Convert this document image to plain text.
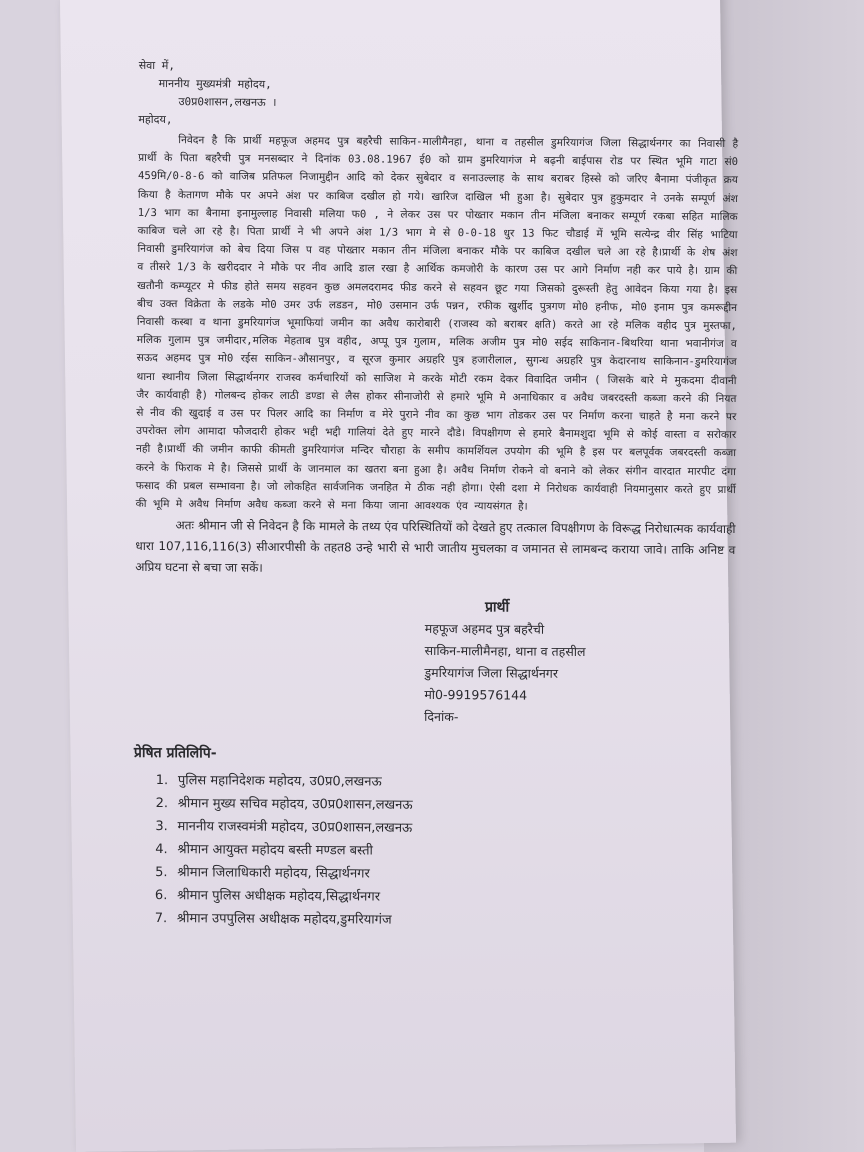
सेवा में,
माननीय मुख्यमंत्री महोदय,
उ0प्र0शासन,लखनऊ ।
महोदय,

निवेदन है कि प्रार्थी महफूज अहमद पुत्र बहरैची साकिन-मालीमैनहा, थाना व तहसील डुमरियागंज जिला सिद्धार्थनगर का निवासी है प्रार्थी के पिता बहरैची पुत्र मनसब्दार ने दिनांक 03.08.1967 ई0 को ग्राम डुमरियागंज मे बढ़नी बाईपास रोड पर स्थित भूमि गाटा सं0 459मि/0-8-6 को वाजिब प्रतिफल निजामुद्दीन आदि को देकर सुबेदार व सनाउल्लाह के साथ बराबर हिस्से को जरिए बैनामा पंजीकृत क्रय किया है केतागण मौके पर अपने अंश पर काबिज दखील हो गये। खारिज दाखिल भी हुआ है। सुबेदार पुत्र हुकुमदार ने उनके सम्पूर्ण अंश 1/3 भाग का बैनामा इनामुल्लाह निवासी मलिया फ0 , ने लेकर उस पर पोख्तार मकान तीन मंजिला बनाकर सम्पूर्ण रकबा सहित मालिक काबिज चले आ रहे है। पिता प्रार्थी ने भी अपने अंश 1/3 भाग मे से 0-0-18 धुर 13 फिट चौडाई में भूमि सत्येन्द्र वीर सिंह भाटिया निवासी डुमरियागंज को बेच दिया जिस प वह पोख्तार मकान तीन मंजिला बनाकर मौके पर काबिज दखील चले आ रहे है।प्रार्थी के शेष अंश व तीसरे 1/3 के खरीददार ने मौके पर नीव आदि डाल रखा है आर्थिक कमजोरी के कारण उस पर आगे निर्माण नही कर पाये है। ग्राम की खतौनी कम्प्यूटर मे फीड होते समय सहवन कुछ अमलदरामद फीड करने से सहवन छूट गया जिसको दुरूस्ती हेतु आवेदन किया गया है। इस बीच उक्त विक्रेता के लडके मो0 उमर उर्फ लडडन, मो0 उसमान उर्फ पन्नन, रफीक खुर्शीद पुत्रगण मो0 हनीफ, मो0 इनाम पुत्र कमरूद्दीन निवासी कस्बा व थाना डुमरियागंज भूमाफियां जमीन का अवैध कारोबारी (राजस्व को बराबर क्षति) करते आ रहे मलिक वहीद पुत्र मुस्तफा, मलिक गुलाम पुत्र जमीदार,मलिक मेहताब पुत्र वहीद, अप्पू पुत्र गुलाम, मलिक अजीम पुत्र मो0 सईद साकिनान-बिथरिया थाना भवानीगंज व सऊद अहमद पुत्र मो0 रईस साकिन-औसानपुर, व सूरज कुमार अग्रहरि पुत्र हजारीलाल, सुगन्ध अग्रहरि पुत्र केदारनाथ साकिनान-डुमरियागंज थाना स्थानीय जिला सिद्धार्थनगर राजस्व कर्मचारियों को साजिश मे करके मोटी रकम देकर विवादित जमीन ( जिसके बारे मे मुकदमा दीवानी जैर कार्यवाही है) गोलबन्द होकर लाठी डण्डा से लैस होकर सीनाजोरी से हमारे भूमि मे अनाधिकार व अवैध जबरदस्ती कब्जा करने की नियत से नीव की खुदाई व उस पर पिलर आदि का निर्माण व मेरे पुराने नीव का कुछ भाग तोडकर उस पर निर्माण करना चाहते है मना करने पर उपरोक्त लोग आमादा फौजदारी होकर भद्दी भद्दी गालियां देते हुए मारने दौडे। विपक्षीगण से हमारे बैनामशुदा भूमि से कोई वास्ता व सरोकार नही है।प्रार्थी की जमीन काफी कीमती डुमरियागंज मन्दिर चौराहा के समीप कामर्शियल उपयोग की भूमि है इस पर बलपूर्वक जबरदस्ती कब्जा करने के फिराक मे है। जिससे प्रार्थी के जानमाल का खतरा बना हुआ है। अवैध निर्माण रोकने वो बनाने को लेकर संगीन वारदात मारपीट दंगा फसाद की प्रबल सम्भावना है। जो लोकहित सार्वजनिक जनहित मे ठीक नही होगा। ऐसी दशा मे निरोधक कार्यवाही नियमानुसार करते हुए प्रार्थी की भूमि मे अवैध निर्माण अवैध कब्जा करने से मना किया जाना आवश्यक एंव न्यायसंगत है।

अतः श्रीमान जी से निवेदन है कि मामले के तथ्य एंव परिस्थितियों को देखते हुए तत्काल विपक्षीगण के विरूद्ध निरोधात्मक कार्यवाही धारा 107,116,116(3) सीआरपीसी के तहत8 उन्हे भारी से भारी जातीय मुचलका व जमानत से लामबन्द कराया जावे। ताकि अनिष्ट व अप्रिय घटना से बचा जा सकें।

प्रार्थी
महफूज अहमद पुत्र बहरैची
साकिन-मालीमैनहा, थाना व तहसील
डुमरियागंज जिला सिद्धार्थनगर
मो0-9919576144
दिनांक-
प्रेषित प्रतिलिपि-
1. पुलिस महानिदेशक महोदय, उ0प्र0,लखनऊ
2. श्रीमान मुख्य सचिव महोदय, उ0प्र0शासन,लखनऊ
3. माननीय राजस्वमंत्री महोदय, उ0प्र0शासन,लखनऊ
4. श्रीमान आयुक्त महोदय बस्ती मण्डल बस्ती
5. श्रीमान जिलाधिकारी महोदय, सिद्धार्थनगर
6. श्रीमान पुलिस अधीक्षक महोदय,सिद्धार्थनगर
7. श्रीमान उपपुलिस अधीक्षक महोदय,डुमरियागंज
